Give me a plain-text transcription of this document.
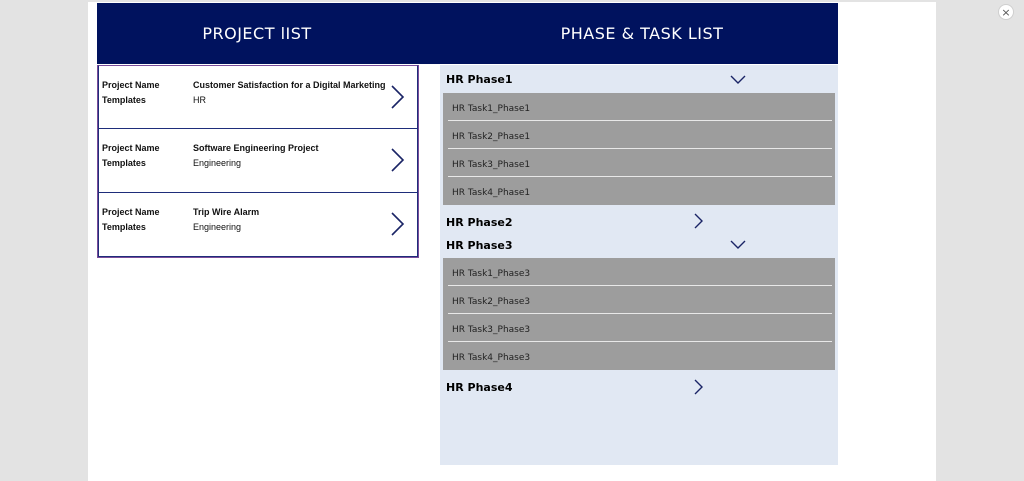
×
PROJECT lIST	PHASE & TASK LIST
Project Name	Customer Satisfaction for a Digital Marketing
Templates	HR
Project Name	Software Engineering Project
Templates	Engineering
Project Name	Trip Wire Alarm
Templates	Engineering
HR Phase1
HR Task1_Phase1
HR Task2_Phase1
HR Task3_Phase1
HR Task4_Phase1
HR Phase2
HR Phase3
HR Task1_Phase3
HR Task2_Phase3
HR Task3_Phase3
HR Task4_Phase3
HR Phase4
